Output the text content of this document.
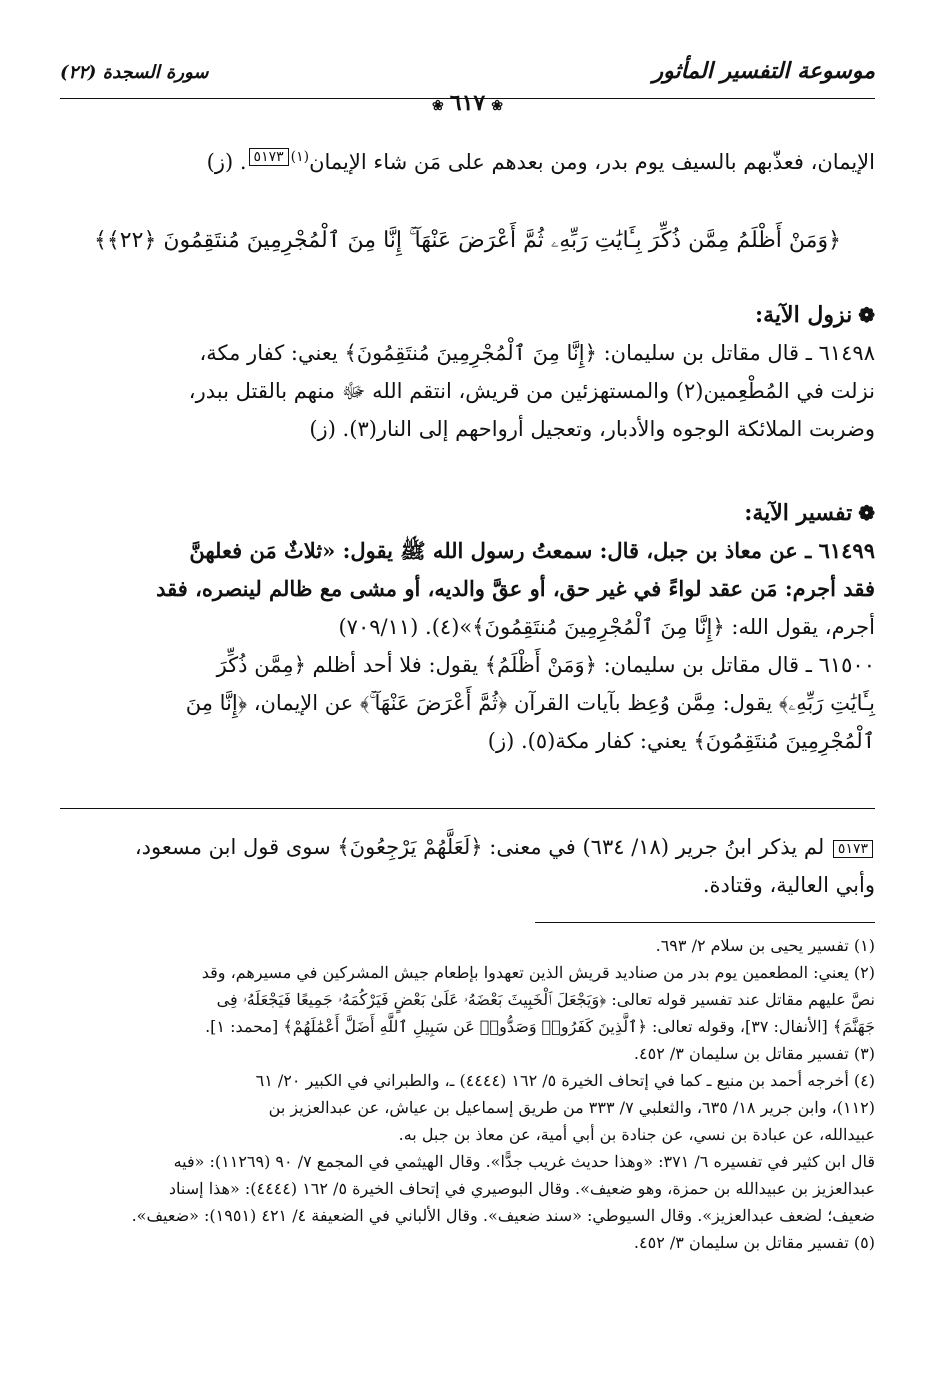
موسوعة التفسير المأثور
سورة السجدة (٢٢)
❀٦١٧❀
الإيمان، فعذّبهم بالسيف يوم بدر، ومن بعدهم على مَن شاء الإيمان$^{(١)}$٥١٧٣. (ز)
﴿وَمَنْ أَظْلَمُ مِمَّن ذُكِّرَ بِـَٔايَٰتِ رَبِّهِۦ ثُمَّ أَعْرَضَ عَنْهَآ ۚ إِنَّا مِنَ ٱلْمُجْرِمِينَ مُنتَقِمُونَ ﴿٢٢﴾﴾
❁نزول الآية:
٦١٤٩٨ ـ قال مقاتل بن سليمان: ﴿إِنَّا مِنَ ٱلْمُجْرِمِينَ مُنتَقِمُونَ﴾ يعني: كفار مكة،
نزلت في المُطْعِمين(٢) والمستهزئين من قريش، انتقم الله ﷻ منهم بالقتل ببدر،
وضربت الملائكة الوجوه والأدبار، وتعجيل أرواحهم إلى النار(٣). (ز)
❁تفسير الآية:
٦١٤٩٩ ـ عن معاذ بن جبل، قال: سمعتُ رسول الله ﷺ يقول: «ثلاثٌ مَن فعلهنَّ
فقد أجرم: مَن عقد لواءً في غير حق، أو عقَّ والديه، أو مشى مع ظالم لينصره، فقد
أجرم، يقول الله: ﴿إِنَّا مِنَ ٱلْمُجْرِمِينَ مُنتَقِمُونَ﴾»(٤). (٧٠٩/١١)
٦١٥٠٠ ـ قال مقاتل بن سليمان: ﴿وَمَنْ أَظْلَمُ﴾ يقول: فلا أحد أظلم ﴿مِمَّن ذُكِّرَ
بِـَٔايَٰتِ رَبِّهِۦ﴾ يقول: مِمَّن وُعِظ بآيات القرآن ﴿ثُمَّ أَعْرَضَ عَنْهَآ ۚ﴾ عن الإيمان، ﴿إِنَّا مِنَ
ٱلْمُجْرِمِينَ مُنتَقِمُونَ﴾ يعني: كفار مكة(٥). (ز)
٥١٧٣ لم يذكر ابنُ جرير (١٨/ ٦٣٤) في معنى: ﴿لَعَلَّهُمْ يَرْجِعُونَ﴾ سوى قول ابن مسعود،
وأبي العالية، وقتادة.
(١) تفسير يحيى بن سلام ٢/ ٦٩٣.
(٢) يعني: المطعمين يوم بدر من صناديد قريش الذين تعهدوا بإطعام جيش المشركين في مسيرهم، وقد
نصَّ عليهم مقاتل عند تفسير قوله تعالى: ﴿وَيَجْعَلَ ٱلْخَبِيثَ بَعْضَهُۥ عَلَىٰ بَعْضٍ فَيَرْكُمَهُۥ جَمِيعًا فَيَجْعَلَهُۥ فِى
جَهَنَّمَ﴾ [الأنفال: ٣٧]، وقوله تعالى: ﴿ٱلَّذِينَ كَفَرُوا۟ وَصَدُّوا۟ عَن سَبِيلِ ٱللَّهِ أَضَلَّ أَعْمَٰلَهُمْ﴾ [محمد: ١].
(٣) تفسير مقاتل بن سليمان ٣/ ٤٥٢.
(٤) أخرجه أحمد بن منيع ـ كما في إتحاف الخيرة ٥/ ١٦٢ (٤٤٤٤) ـ، والطبراني في الكبير ٢٠/ ٦١
(١١٢)، وابن جرير ١٨/ ٦٣٥، والثعلبي ٧/ ٣٣٣ من طريق إسماعيل بن عياش، عن عبدالعزيز بن
عبيدالله، عن عبادة بن نسي، عن جنادة بن أبي أمية، عن معاذ بن جبل به.
قال ابن كثير في تفسيره ٦/ ٣٧١: «وهذا حديث غريب جدًّا». وقال الهيثمي في المجمع ٧/ ٩٠ (١١٢٦٩): «فيه
عبدالعزيز بن عبيدالله بن حمزة، وهو ضعيف». وقال البوصيري في إتحاف الخيرة ٥/ ١٦٢ (٤٤٤٤): «هذا إسناد
ضعيف؛ لضعف عبدالعزيز». وقال السيوطي: «سند ضعيف». وقال الألباني في الضعيفة ٤/ ٤٢١ (١٩٥١): «ضعيف».
(٥) تفسير مقاتل بن سليمان ٣/ ٤٥٢.
